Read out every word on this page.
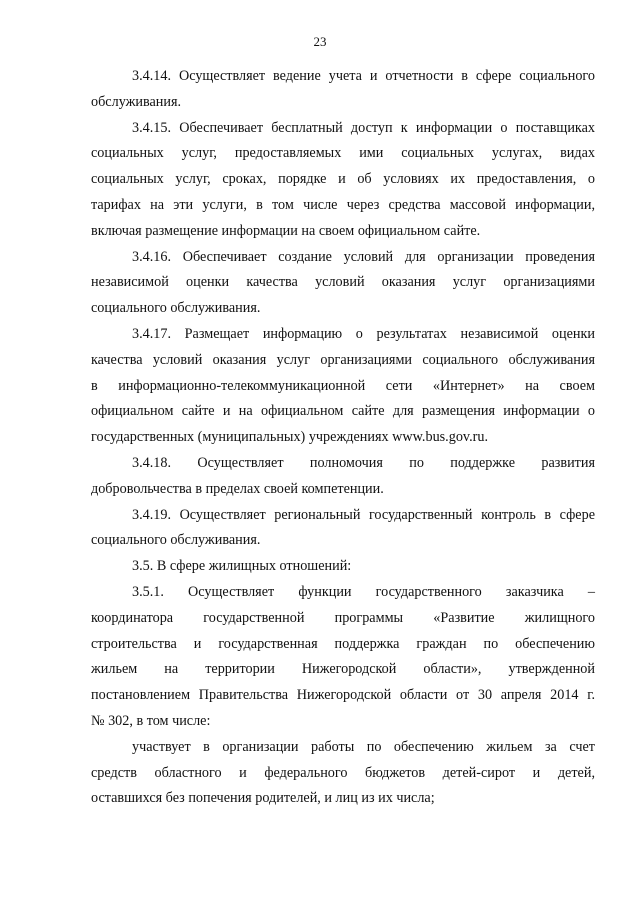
23

3.4.14. Осуществляет ведение учета и отчетности в сфере социального
обслуживания.

3.4.15. Обеспечивает бесплатный доступ к информации о поставщиках
социальных услуг, предоставляемых ими социальных услугах, видах
социальных услуг, сроках, порядке и об условиях их предоставления, о
тарифах на эти услуги, в том числе через средства массовой информации,
включая размещение информации на своем официальном сайте.

3.4.16. Обеспечивает создание условий для организации проведения
независимой оценки качества условий оказания услуг организациями
социального обслуживания.

3.4.17. Размещает информацию о результатах независимой оценки
качества условий оказания услуг организациями социального обслуживания
в информационно-телекоммуникационной сети «Интернет» на своем
официальном сайте и на официальном сайте для размещения информации о
государственных (муниципальных) учреждениях www.bus.gov.ru.

3.4.18. Осуществляет полномочия по поддержке развития
добровольчества в пределах своей компетенции.

3.4.19. Осуществляет региональный государственный контроль в сфере
социального обслуживания.

3.5. В сфере жилищных отношений:

3.5.1. Осуществляет функции государственного заказчика –
координатора государственной программы «Развитие жилищного
строительства и государственная поддержка граждан по обеспечению
жильем на территории Нижегородской области», утвержденной
постановлением Правительства Нижегородской области от 30 апреля 2014 г.
№ 302, в том числе:

участвует в организации работы по обеспечению жильем за счет
средств областного и федерального бюджетов детей-сирот и детей,
оставшихся без попечения родителей, и лиц из их числа;
